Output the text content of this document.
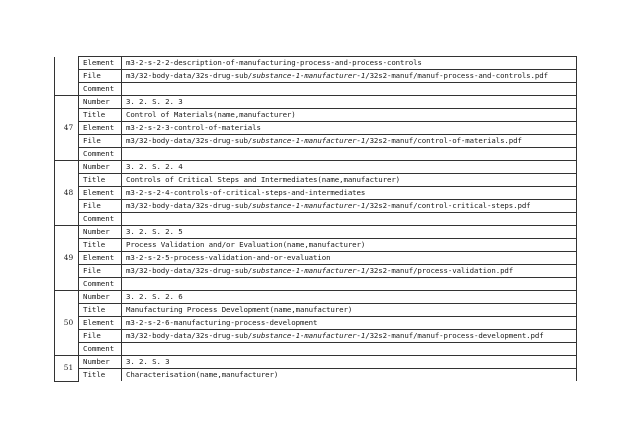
	Element	m3-2-s-2-2-description-of-manufacturing-process-and-process-controls
	File	m3/32-body-data/32s-drug-sub/substance-1-manufacturer-1/32s2-manuf/manuf-process-and-controls.pdf
	Comment	
47	Number	3. 2. S. 2. 3
	Title	Control of Materials(name,manufacturer)
	Element	m3-2-s-2-3-control-of-materials
	File	m3/32-body-data/32s-drug-sub/substance-1-manufacturer-1/32s2-manuf/control-of-materials.pdf
	Comment	
48	Number	3. 2. S. 2. 4
	Title	Controls of Critical Steps and Intermediates(name,manufacturer)
	Element	m3-2-s-2-4-controls-of-critical-steps-and-intermediates
	File	m3/32-body-data/32s-drug-sub/substance-1-manufacturer-1/32s2-manuf/control-critical-steps.pdf
	Comment	
49	Number	3. 2. S. 2. 5
	Title	Process Validation and/or Evaluation(name,manufacturer)
	Element	m3-2-s-2-5-process-validation-and-or-evaluation
	File	m3/32-body-data/32s-drug-sub/substance-1-manufacturer-1/32s2-manuf/process-validation.pdf
	Comment	
50	Number	3. 2. S. 2. 6
	Title	Manufacturing Process Development(name,manufacturer)
	Element	m3-2-s-2-6-manufacturing-process-development
	File	m3/32-body-data/32s-drug-sub/substance-1-manufacturer-1/32s2-manuf/manuf-process-development.pdf
	Comment	
51	Number	3. 2. S. 3
	Title	Characterisation(name,manufacturer)
